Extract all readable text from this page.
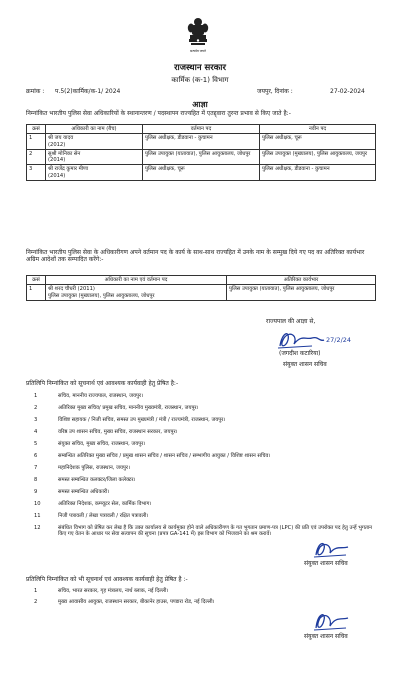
सत्यमेव जयते
राजस्थान सरकार
कार्मिक (क-1) विभाग
क्रमांक : प.5(2)कार्मिक/क-1/ 2024	जयपुर, दिनांक :	27-02-2024
आज्ञा
निम्नांकित भारतीय पुलिस सेवा अधिकारियों के स्थानान्तरण / पदस्थापन राज्यहित में एतद्द्वारा तुरन्त प्रभाव से किए जाते है:-
क्रसं	अधिकारी का नाम (बैच)	वर्तमान पद	नवीन पद
1	श्री जय यादव
(2012)	पुलिस अधीक्षक, डीडवाना - कुचामन	पुलिस अधीक्षक, चूरू
2	सुश्री मोनिका सेन
(2014)	पुलिस उपायुक्त (यातायात), पुलिस आयुक्तालय, जोधपुर	पुलिस उपायुक्त (मुख्यालय), पुलिस आयुक्तालय, जयपुर
3	श्री राजेंद्र कुमार मीणा
(2014)	पुलिस अधीक्षक, चूरू	पुलिस अधीक्षक, डीडवाना - कुचामन
निम्नांकित भारतीय पुलिस सेवा के अधिकारीगण अपने वर्तमान पद के कार्य के साथ-साथ राज्यहित में उनके नाम के सम्मुख दिये गए पद का अतिरिक्त कार्यभार अग्रिम आदेशों तक सम्पादित करेंगे:-
क्रसं	अधिकारी का नाम एवं वर्तमान पद	अतिरिक्त कार्यभार
1	श्री शरद चौधरी (2011)
पुलिस उपायुक्त (मुख्यालय), पुलिस आयुक्तालय, जोधपुर	पुलिस उपायुक्त (यातायात), पुलिस आयुक्तालय, जोधपुर
राज्यपाल की आज्ञा से,
27/2/24
(जगदीश कटारिया)
संयुक्त शासन सचिव
प्रतिलिपि निम्नांकित को सूचनार्थ एवं आवश्यक कार्यवाही हेतु प्रेषित है:-
1	सचिव, माननीय राज्यपाल, राजस्थान, जयपुर।
2	अतिरिक्त मुख्य सचिव/ प्रमुख सचिव, माननीय मुख्यमंत्री, राजस्थान, जयपुर।
3	विशिष्ट सहायक / निजी सचिव, समस्त उप मुख्यमंत्री / मंत्री / राज्यमंत्री, राजस्थान, जयपुर।
4	वरिष्ठ उप शासन सचिव, मुख्य सचिव, राजस्थान सरकार, जयपुर।
5	संयुक्त सचिव, मुख्य सचिव, राजस्थान, जयपुर।
6	सम्बन्धित अतिरिक्त मुख्य सचिव / प्रमुख शासन सचिव / शासन सचिव / सम्भागीय आयुक्त / विशिष्ट शासन सचिव।
7	महानिदेशक पुलिस, राजस्थान, जयपुर।
8	समस्त सम्बन्धित कलक्टर/जिला कलेक्टर।
9	समस्त सम्बन्धित अधिकारी।
10	अतिरिक्त निदेशक, कम्प्यूटर सेल, कार्मिक विभाग।
11	निजी पत्रावली / लेखा पत्रावली / रक्षित पत्रावली।
12	संबंधित विभाग को प्रेषित कर लेख है कि उक्त कार्यालय से कार्यमुक्त होने वाले अधिकारीगण के गत भुगतान प्रमाण-पत्र (LPC) की प्रति एवं उपरोक्त पद हेतु उन्हें भुगतान किए गए वेतन के आधार पर सेवा सत्यापन की सूचना (प्रपत्र GA-141 में) इस विभाग को भिजवाने का श्रम करावें।
संयुक्त शासन सचिव
प्रतिलिपि निम्नांकित को भी सूचनार्थ एवं आवश्यक कार्यवाही हेतु प्रेषित है :-
1	सचिव, भारत सरकार, गृह मंत्रालय, नार्थ ब्लाक, नई दिल्ली।
2	मुख्य आवासीय आयुक्त, राजस्थान सरकार, बीकानेर हाउस, पण्डारा रोड, नई दिल्ली।
संयुक्त शासन सचिव
